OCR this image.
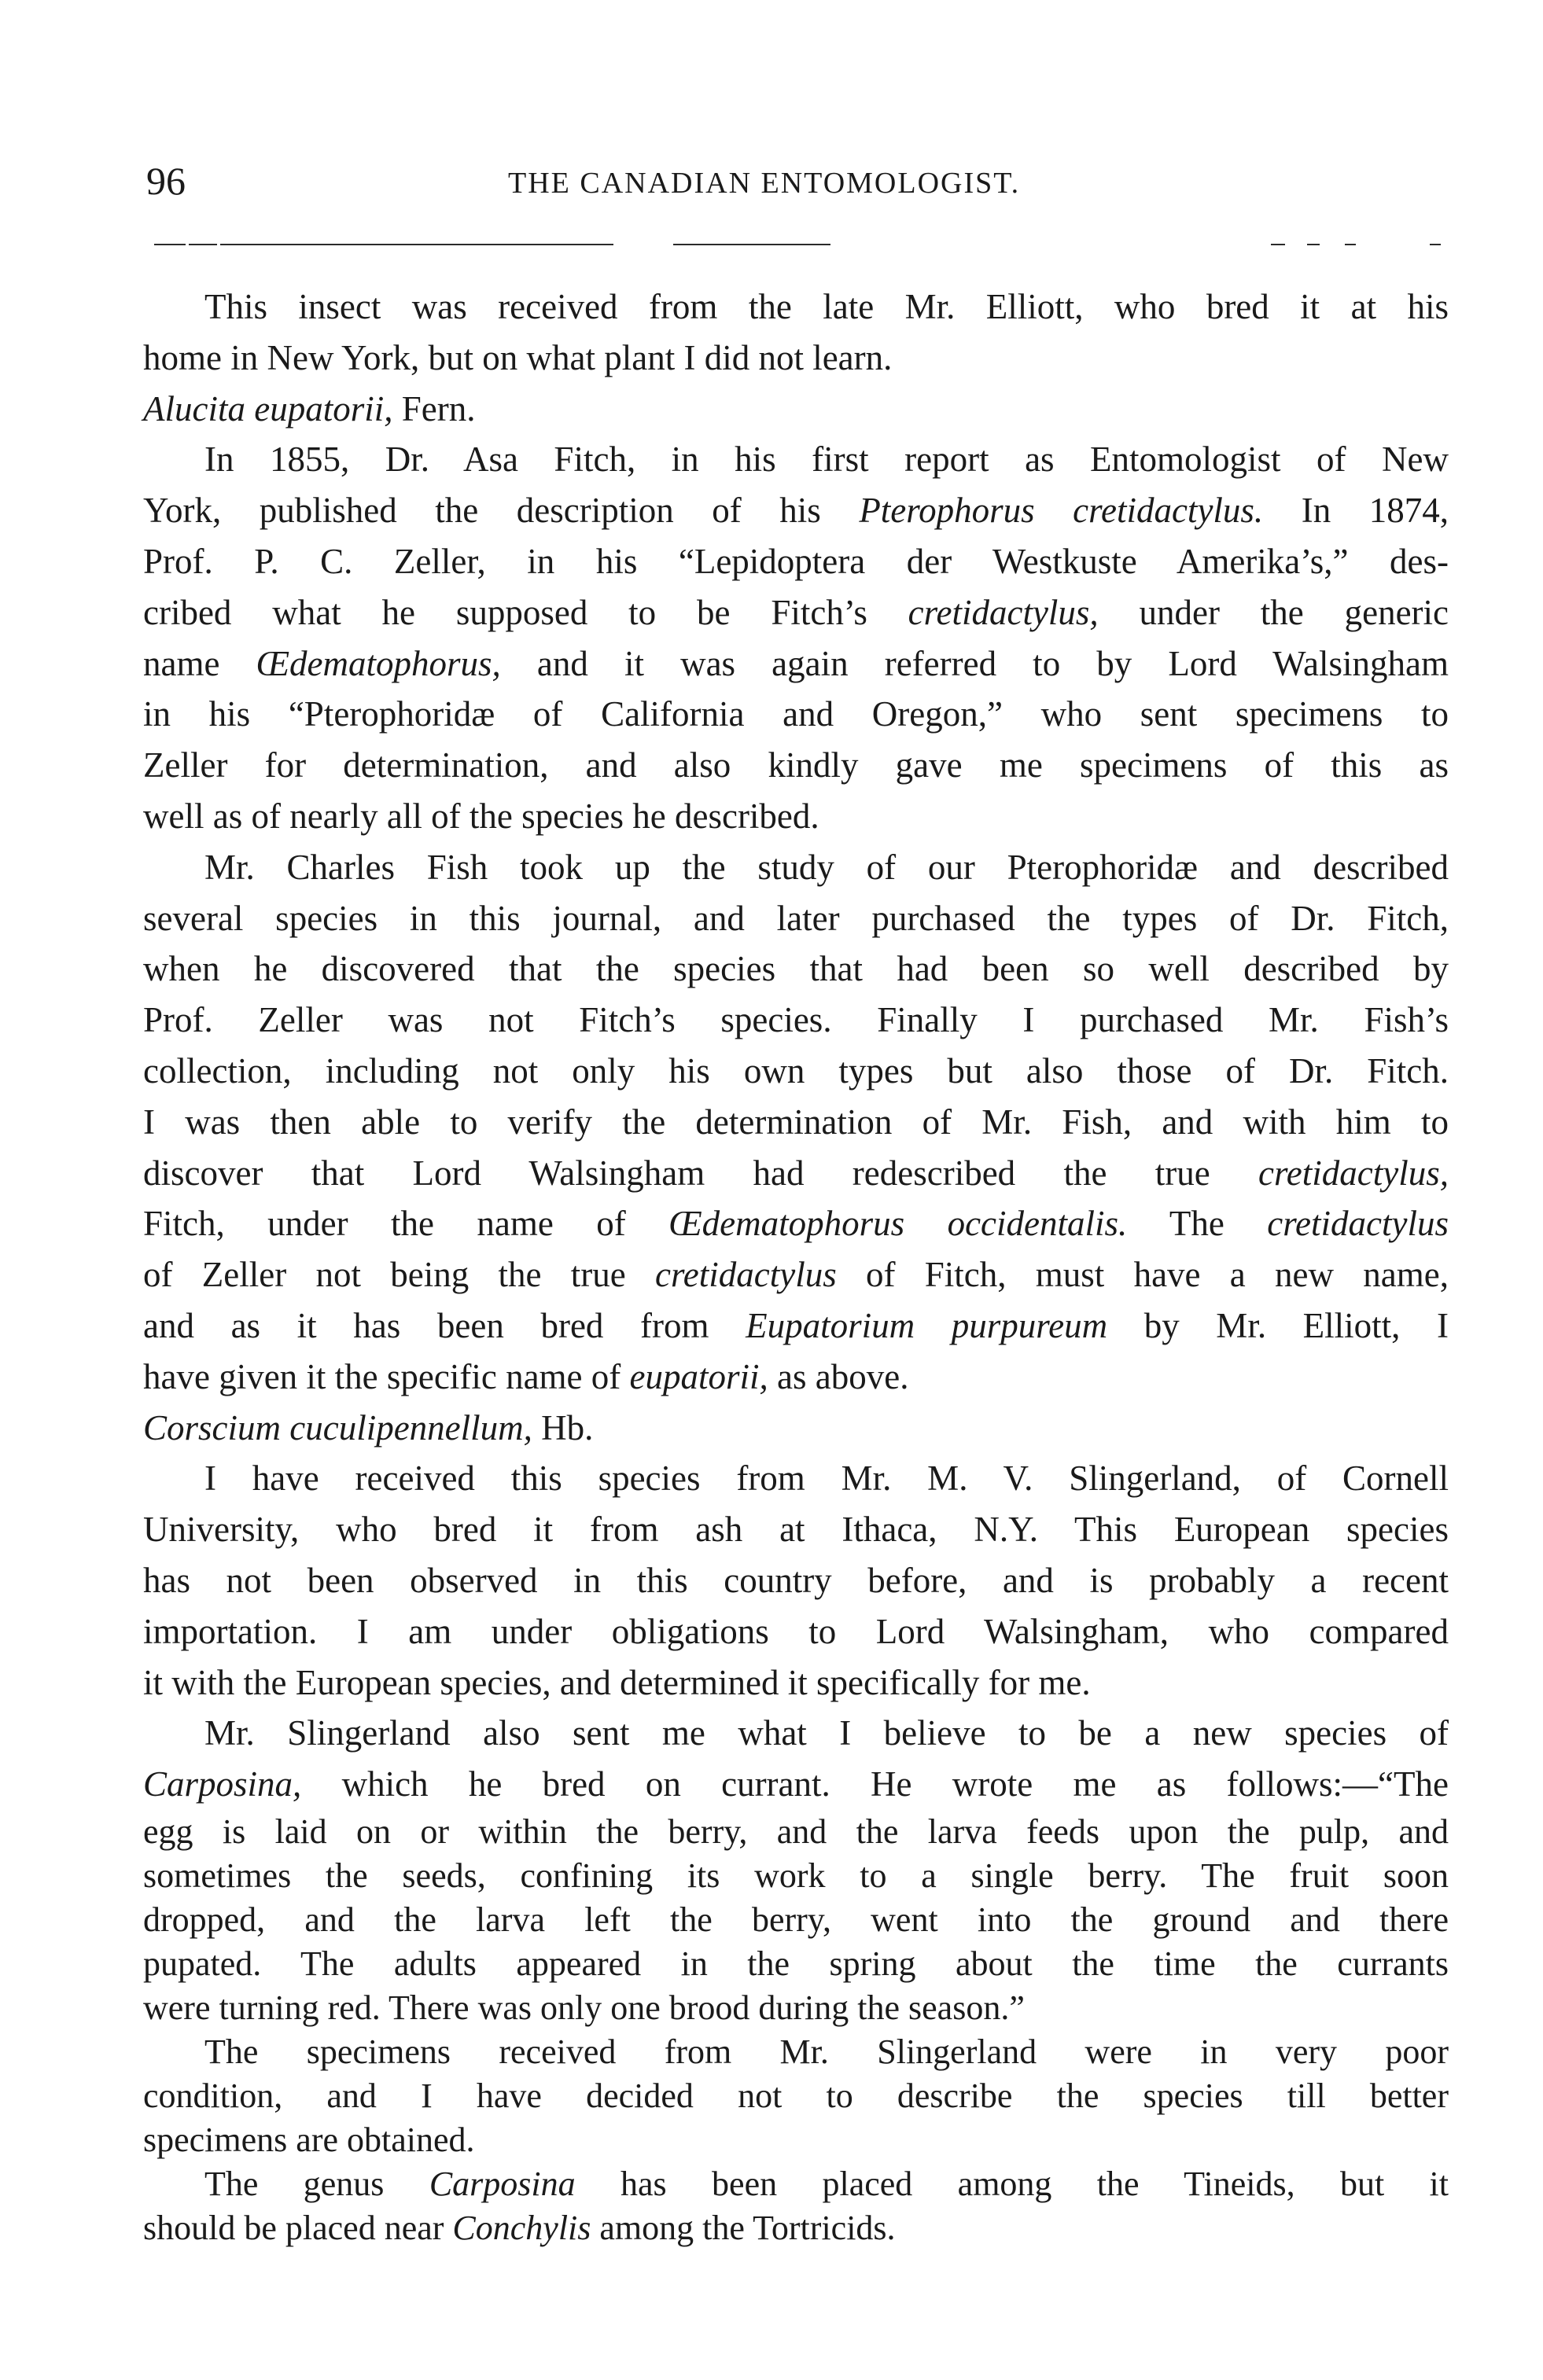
96	THE CANADIAN ENTOMOLOGIST.
This insect was received from the late Mr. Elliott, who bred it at his
home in New York, but on what plant I did not learn.
Alucita eupatorii, Fern.
In 1855, Dr. Asa Fitch, in his first report as Entomologist of New
York, published the description of his Pterophorus cretidactylus. In 1874,
Prof. P. C. Zeller, in his “Lepidoptera der Westkuste Amerika’s,” des-
cribed what he supposed to be Fitch’s cretidactylus, under the generic
name Œdematophorus, and it was again referred to by Lord Walsingham
in his “Pterophoridæ of California and Oregon,” who sent specimens to
Zeller for determination, and also kindly gave me specimens of this as
well as of nearly all of the species he described.
Mr. Charles Fish took up the study of our Pterophoridæ and described
several species in this journal, and later purchased the types of Dr. Fitch,
when he discovered that the species that had been so well described by
Prof. Zeller was not Fitch’s species. Finally I purchased Mr. Fish’s
collection, including not only his own types but also those of Dr. Fitch.
I was then able to verify the determination of Mr. Fish, and with him to
discover that Lord Walsingham had redescribed the true cretidactylus,
Fitch, under the name of Œdematophorus occidentalis. The cretidactylus
of Zeller not being the true cretidactylus of Fitch, must have a new name,
and as it has been bred from Eupatorium purpureum by Mr. Elliott, I
have given it the specific name of eupatorii, as above.
Corscium cuculipennellum, Hb.
I have received this species from Mr. M. V. Slingerland, of Cornell
University, who bred it from ash at Ithaca, N.Y. This European species
has not been observed in this country before, and is probably a recent
importation. I am under obligations to Lord Walsingham, who compared
it with the European species, and determined it specifically for me.
Mr. Slingerland also sent me what I believe to be a new species of
Carposina, which he bred on currant. He wrote me as follows:—“The
egg is laid on or within the berry, and the larva feeds upon the pulp, and
sometimes the seeds, confining its work to a single berry. The fruit soon
dropped, and the larva left the berry, went into the ground and there
pupated. The adults appeared in the spring about the time the currants
were turning red. There was only one brood during the season.”
The specimens received from Mr. Slingerland were in very poor
condition, and I have decided not to describe the species till better
specimens are obtained.
The genus Carposina has been placed among the Tineids, but it
should be placed near Conchylis among the Tortricids.
